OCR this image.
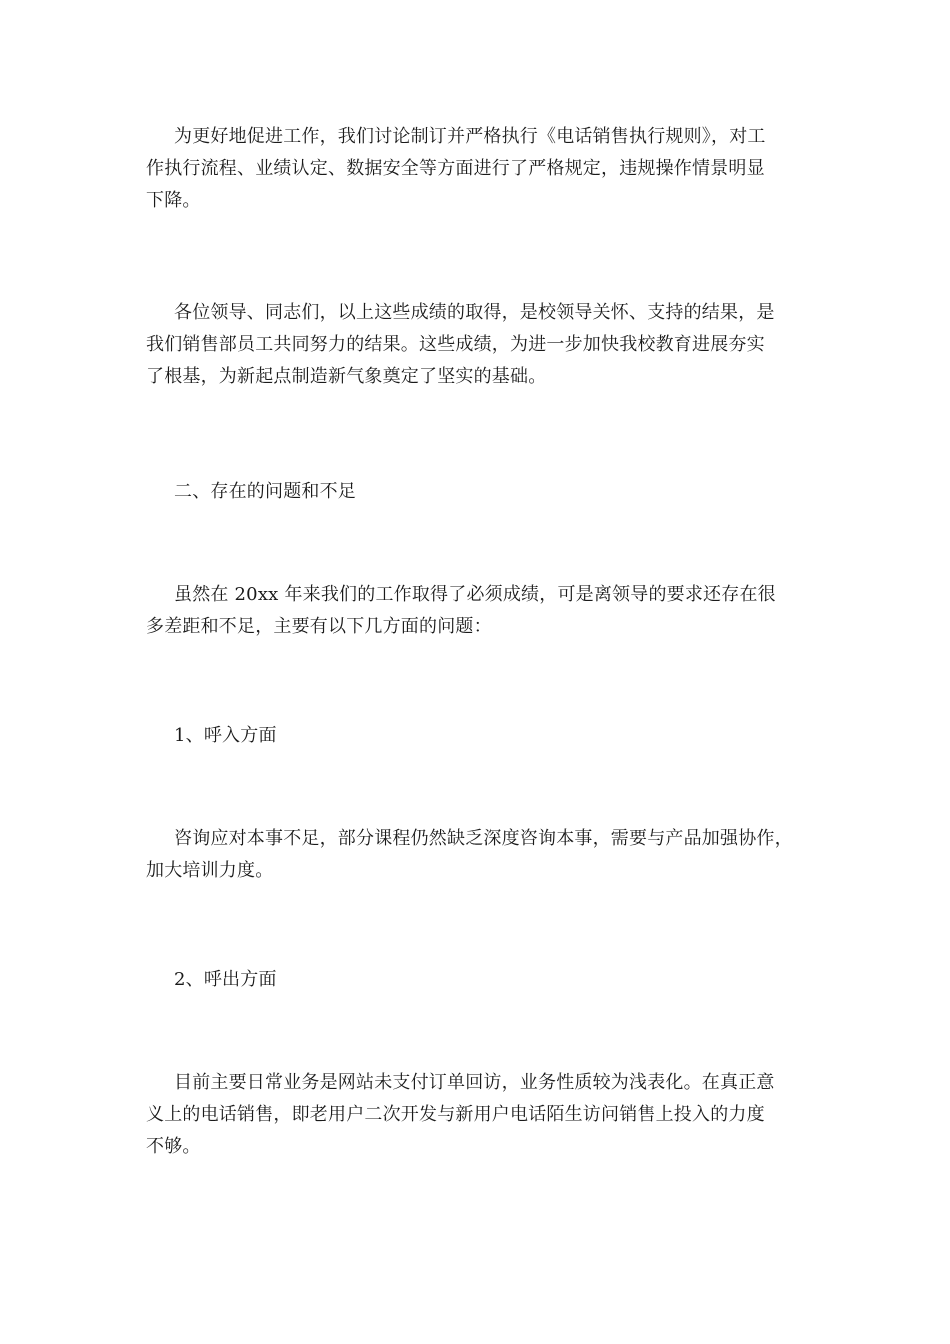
为更好地促进工作，我们讨论制订并严格执行《电话销售执行规则》，对工
作执行流程、业绩认定、数据安全等方面进行了严格规定，违规操作情景明显
下降。
各位领导、同志们，以上这些成绩的取得，是校领导关怀、支持的结果，是
我们销售部员工共同努力的结果。这些成绩，为进一步加快我校教育进展夯实
了根基，为新起点制造新气象奠定了坚实的基础。
二、存在的问题和不足
虽然在 20xx 年来我们的工作取得了必须成绩，可是离领导的要求还存在很
多差距和不足，主要有以下几方面的问题：
1、呼入方面
咨询应对本事不足，部分课程仍然缺乏深度咨询本事，需要与产品加强协作，
加大培训力度。
2、呼出方面
目前主要日常业务是网站未支付订单回访，业务性质较为浅表化。在真正意
义上的电话销售，即老用户二次开发与新用户电话陌生访问销售上投入的力度
不够。
